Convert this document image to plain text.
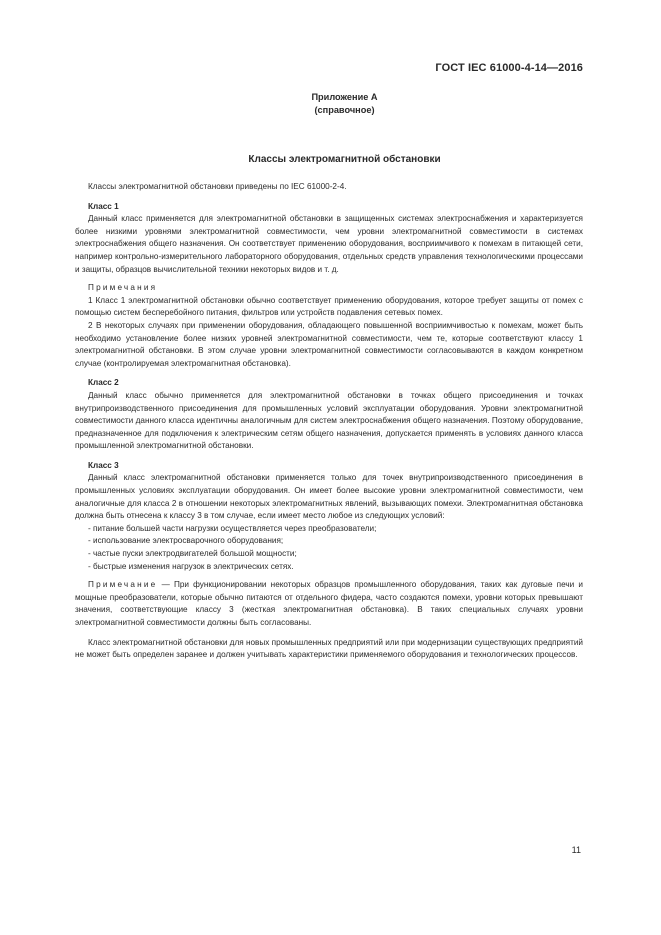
ГОСТ IEC 61000-4-14—2016
Приложение А
(справочное)
Классы электромагнитной обстановки

Классы электромагнитной обстановки приведены по IEC 61000-2-4.

Класс 1

Данный класс применяется для электромагнитной обстановки в защищенных системах электроснабжения и характеризуется более низкими уровнями электромагнитной совместимости, чем уровни электромагнитной совместимости в системах электроснабжения общего назначения. Он соответствует применению оборудования, восприимчивого к помехам в питающей сети, например контрольно-измерительного лабораторного оборудования, отдельных средств управления технологическими процессами и защиты, образцов вычислительной техники некоторых видов и т. д.

Примечания

1 Класс 1 электромагнитной обстановки обычно соответствует применению оборудования, которое требует защиты от помех с помощью систем бесперебойного питания, фильтров или устройств подавления сетевых помех.

2 В некоторых случаях при применении оборудования, обладающего повышенной восприимчивостью к помехам, может быть необходимо установление более низких уровней электромагнитной совместимости, чем те, которые соответствуют классу 1 электромагнитной обстановки. В этом случае уровни электромагнитной совместимости согласовываются в каждом конкретном случае (контролируемая электромагнитная обстановка).

Класс 2

Данный класс обычно применяется для электромагнитной обстановки в точках общего присоединения и точках внутрипроизводственного присоединения для промышленных условий эксплуатации оборудования. Уровни электромагнитной совместимости данного класса идентичны аналогичным для систем электроснабжения общего назначения. Поэтому оборудование, предназначенное для подключения к электрическим сетям общего назначения, допускается применять в условиях данного класса промышленной электромагнитной обстановки.

Класс 3

Данный класс электромагнитной обстановки применяется только для точек внутрипроизводственного присоединения в промышленных условиях эксплуатации оборудования. Он имеет более высокие уровни электромагнитной совместимости, чем аналогичные для класса 2 в отношении некоторых электромагнитных явлений, вызывающих помехи. Электромагнитная обстановка должна быть отнесена к классу 3 в том случае, если имеет место любое из следующих условий:

- питание большей части нагрузки осуществляется через преобразователи;

- использование электросварочного оборудования;

- частые пуски электродвигателей большой мощности;

- быстрые изменения нагрузок в электрических сетях.

Примечание — При функционировании некоторых образцов промышленного оборудования, таких как дуговые печи и мощные преобразователи, которые обычно питаются от отдельного фидера, часто создаются помехи, уровни которых превышают значения, соответствующие классу 3 (жесткая электромагнитная обстановка). В таких специальных случаях уровни электромагнитной совместимости должны быть согласованы.

Класс электромагнитной обстановки для новых промышленных предприятий или при модернизации существующих предприятий не может быть определен заранее и должен учитывать характеристики применяемого оборудования и технологических процессов.

11
